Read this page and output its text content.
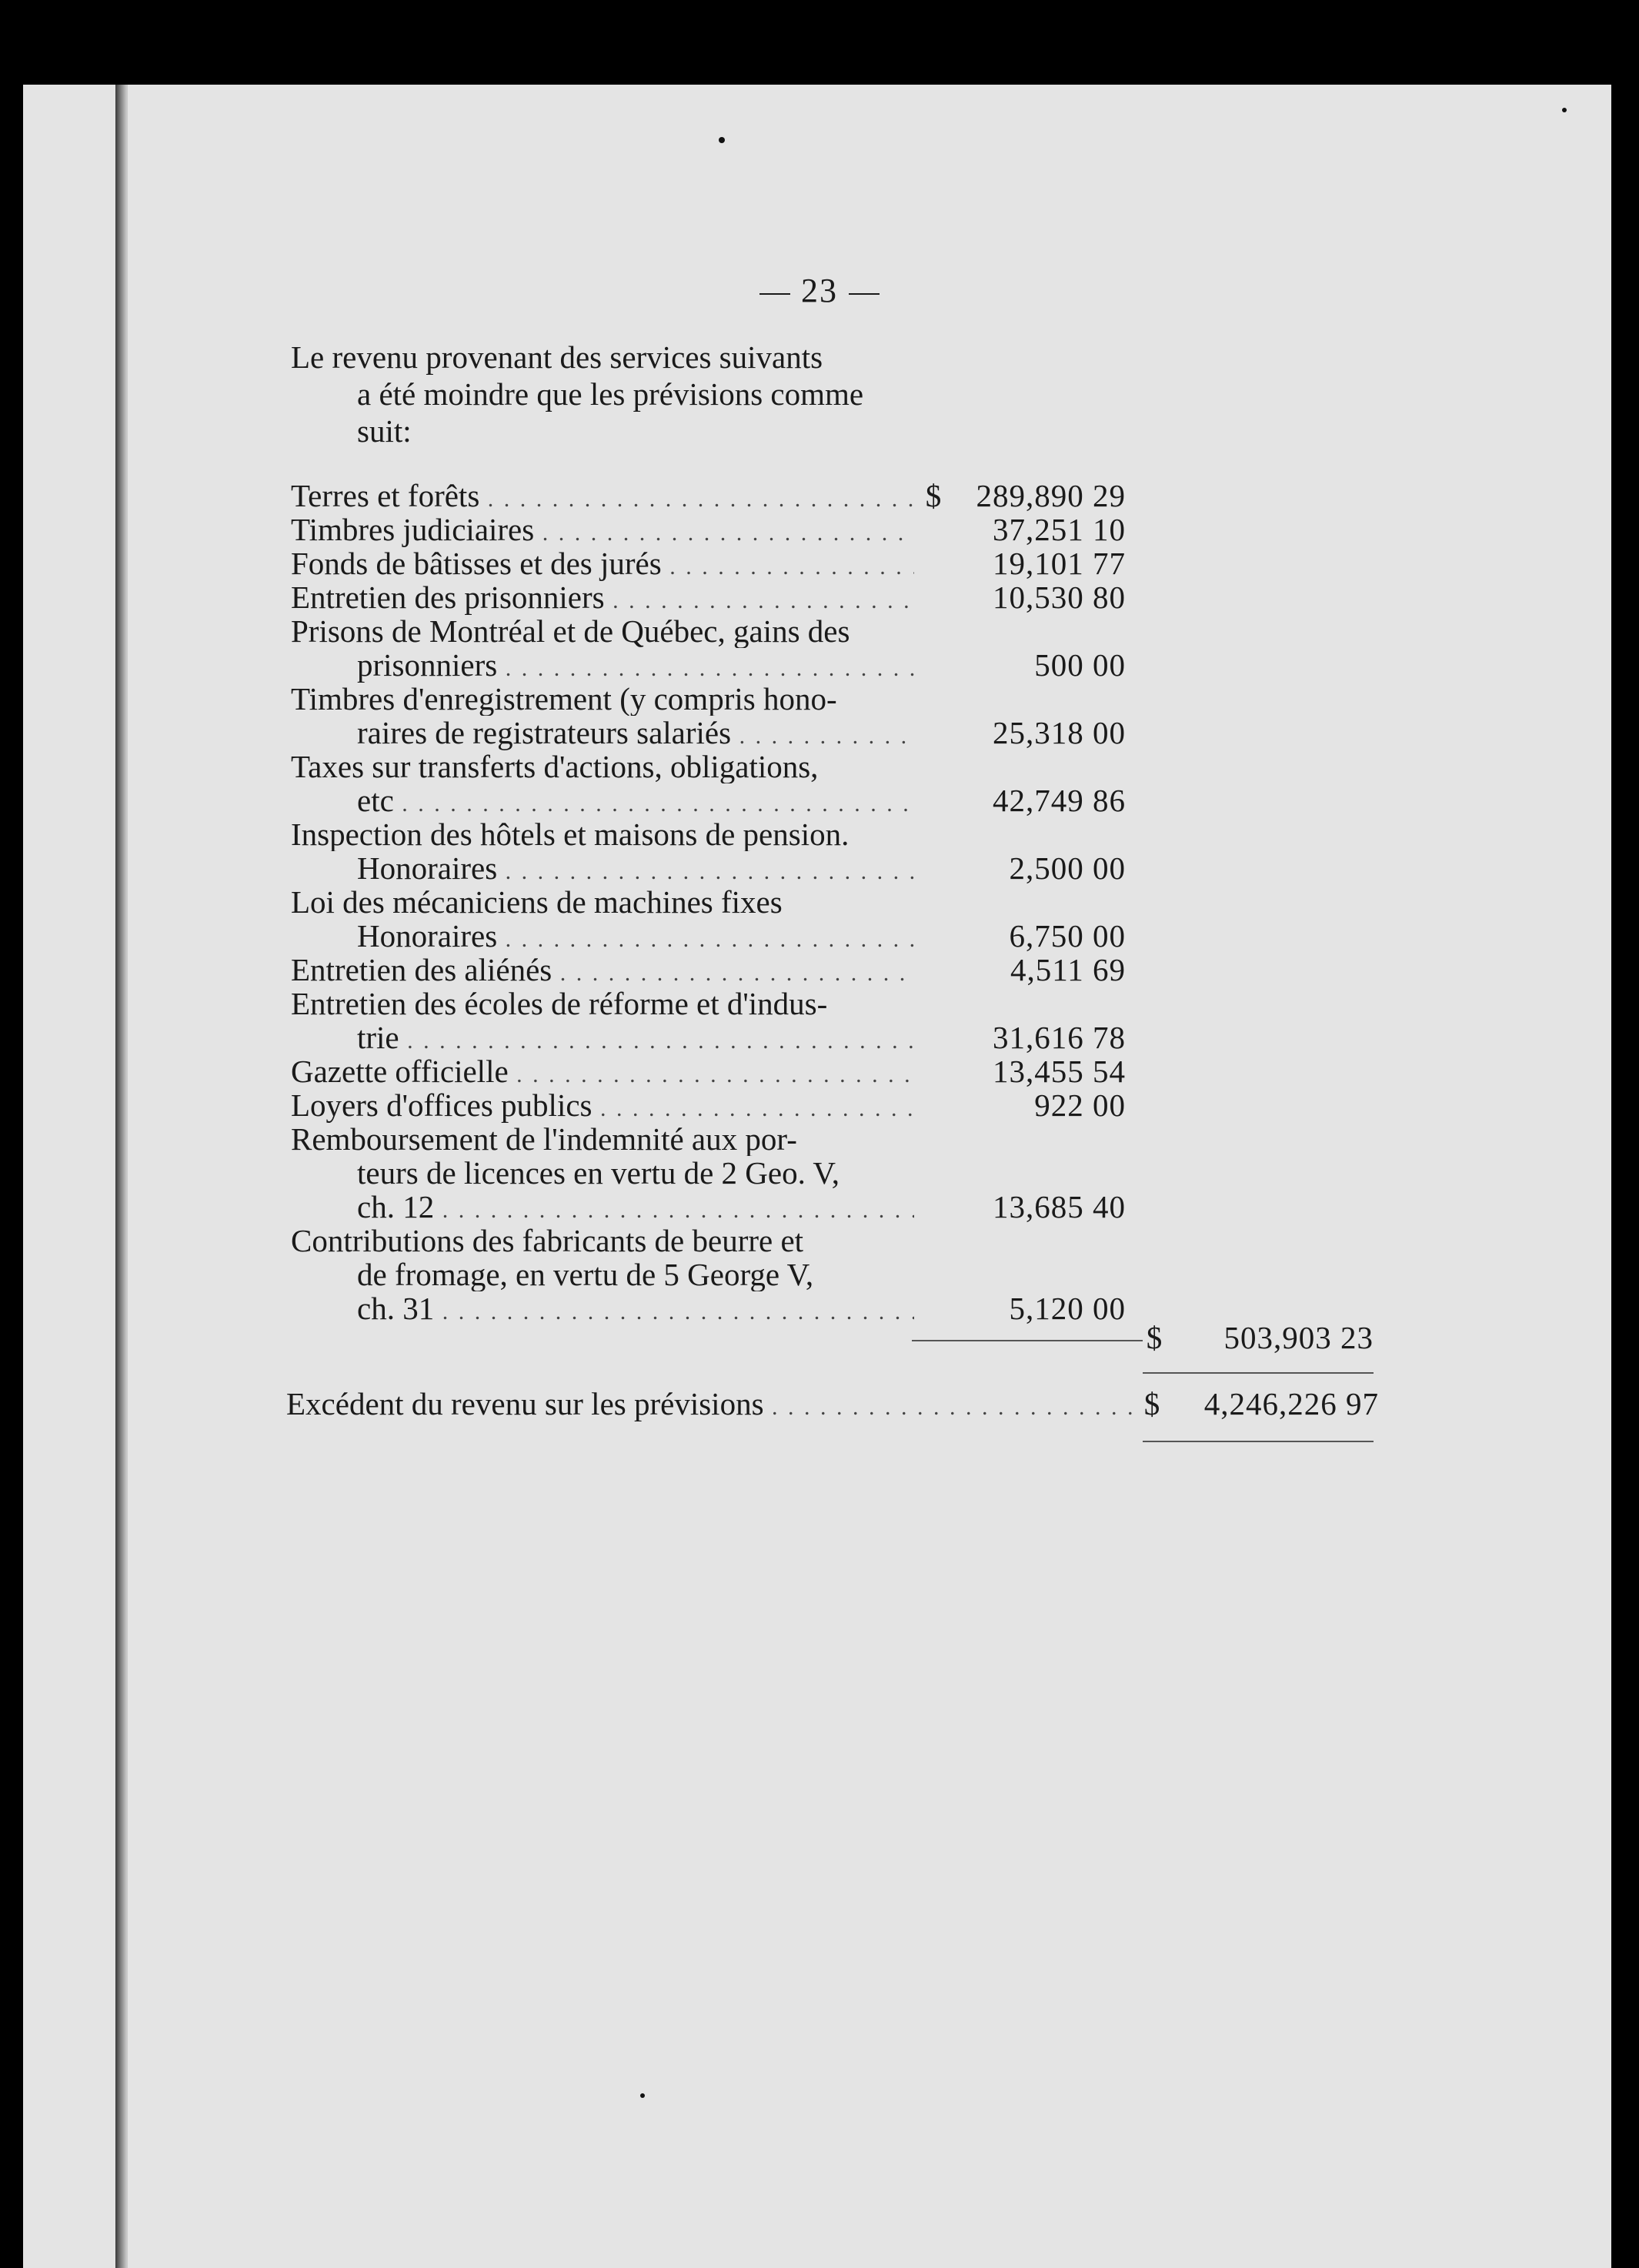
23
Le revenu provenant des services suivants
a été moindre que les prévisions comme
suit:
Terres et forêts . . .	$	289,890 29
Timbres judiciaires . . .	37,251 10
Fonds de bâtisses et des jurés . . .	19,101 77
Entretien des prisonniers . . .	10,530 80
Prisons de Montréal et de Québec, gains des
prisonniers . . .	500 00
Timbres d'enregistrement (y compris hono-
raires de registrateurs salariés . . .	25,318 00
Taxes sur transferts d'actions, obligations,
etc . . .	42,749 86
Inspection des hôtels et maisons de pension.
Honoraires . . .	2,500 00
Loi des mécaniciens de machines fixes
Honoraires . . .	6,750 00
Entretien des aliénés . . .	4,511 69
Entretien des écoles de réforme et d'indus-
trie . . .	31,616 78
Gazette officielle . . .	13,455 54
Loyers d'offices publics . . .	922 00
Remboursement de l'indemnité aux por-
teurs de licences en vertu de 2 Geo. V,
ch. 12 . . .	13,685 40
Contributions des fabricants de beurre et
de fromage, en vertu de 5 George V,
ch. 31 . . .	5,120 00
$	503,903 23
Excédent du revenu sur les prévisions . . .	$	4,246,226 97
